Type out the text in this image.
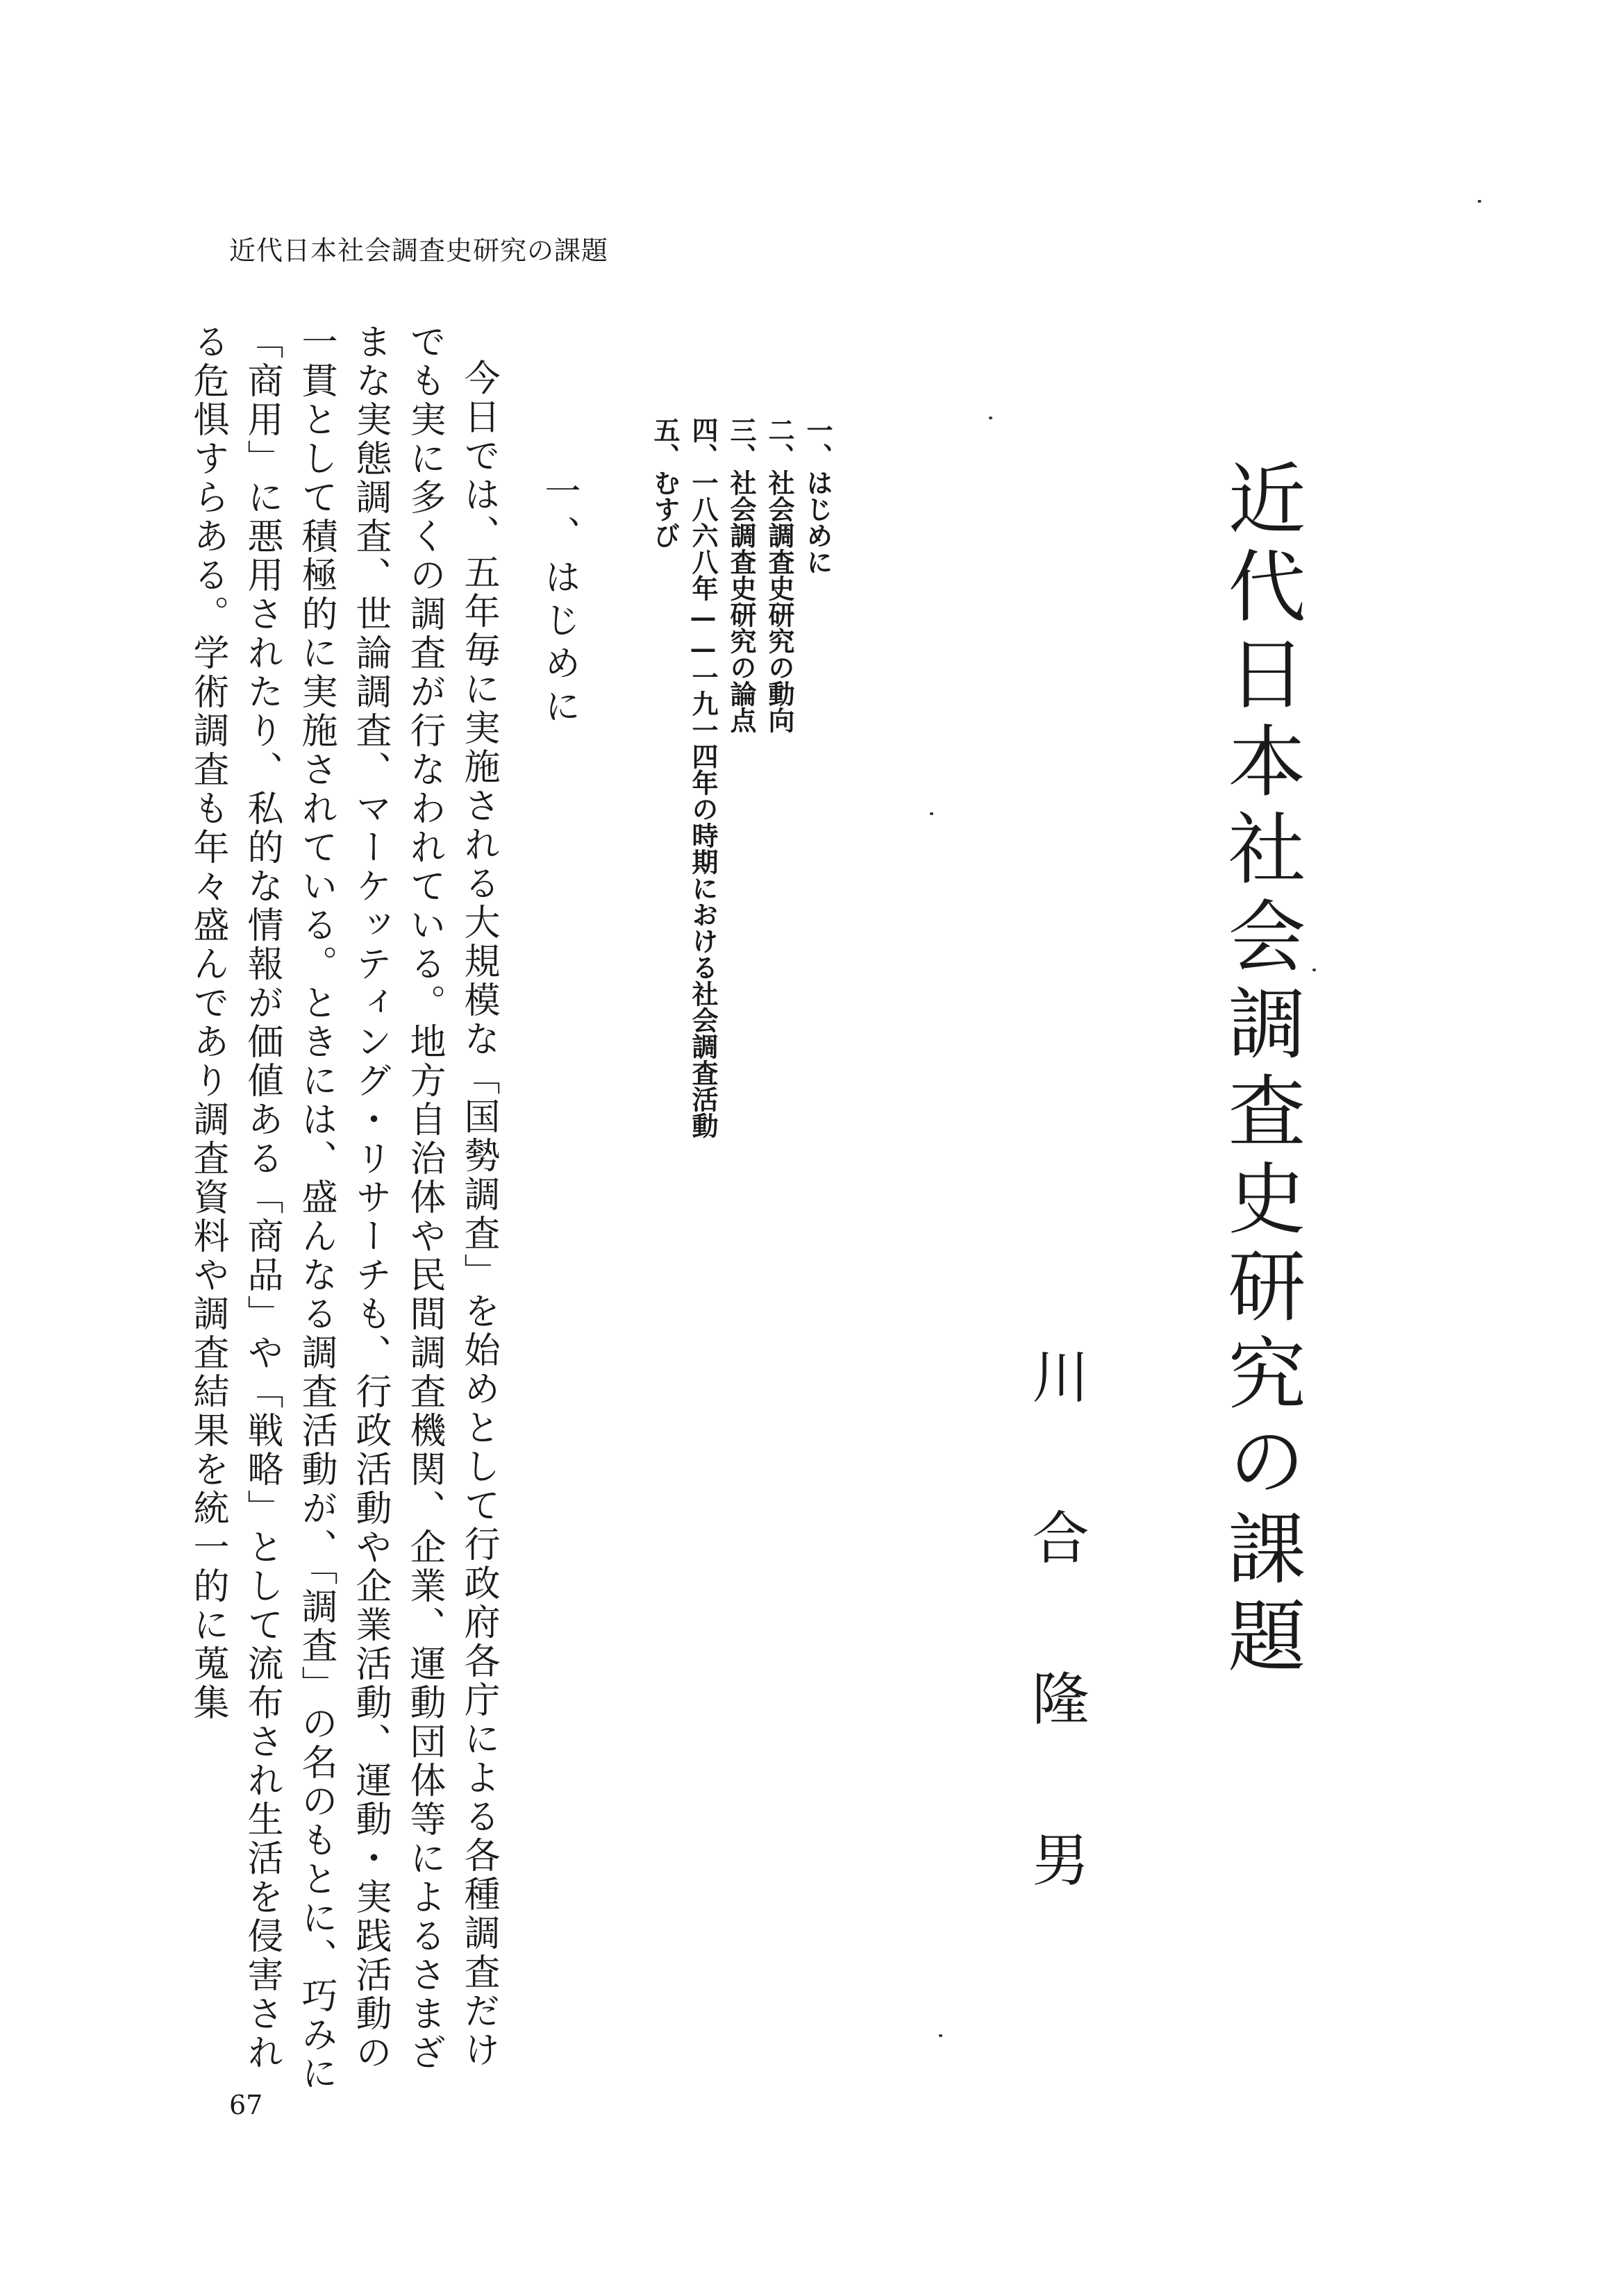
近代日本社会調査史研究の課題
近代日本社会調査史研究の課題
川合隆男
一、はじめに
二、社会調査史研究の動向
三、社会調査史研究の論点
四、一八六八年——一九一四年の時期における社会調査活動
五、むすび
一、はじめに

今日では、五年毎に実施される大規模な「国勢調査」を始めとして行政府各庁による各種調査だけでも実に多くの調査が行なわれている。地方自治体や民間調査機関、企業、運動団体等によるさまざまな実態調査、世論調査、マーケッティング・リサーチも、行政活動や企業活動、運動・実践活動の一貫として積極的に実施されている。ときには、盛んなる調査活動が、「調査」の名のもとに、巧みに「商用」に悪用されたり、私的な情報が価値ある「商品」や「戦略」として流布され生活を侵害される危惧すらある。学術調査も年々盛んであり調査資料や調査結果を統一的に蒐集

67
